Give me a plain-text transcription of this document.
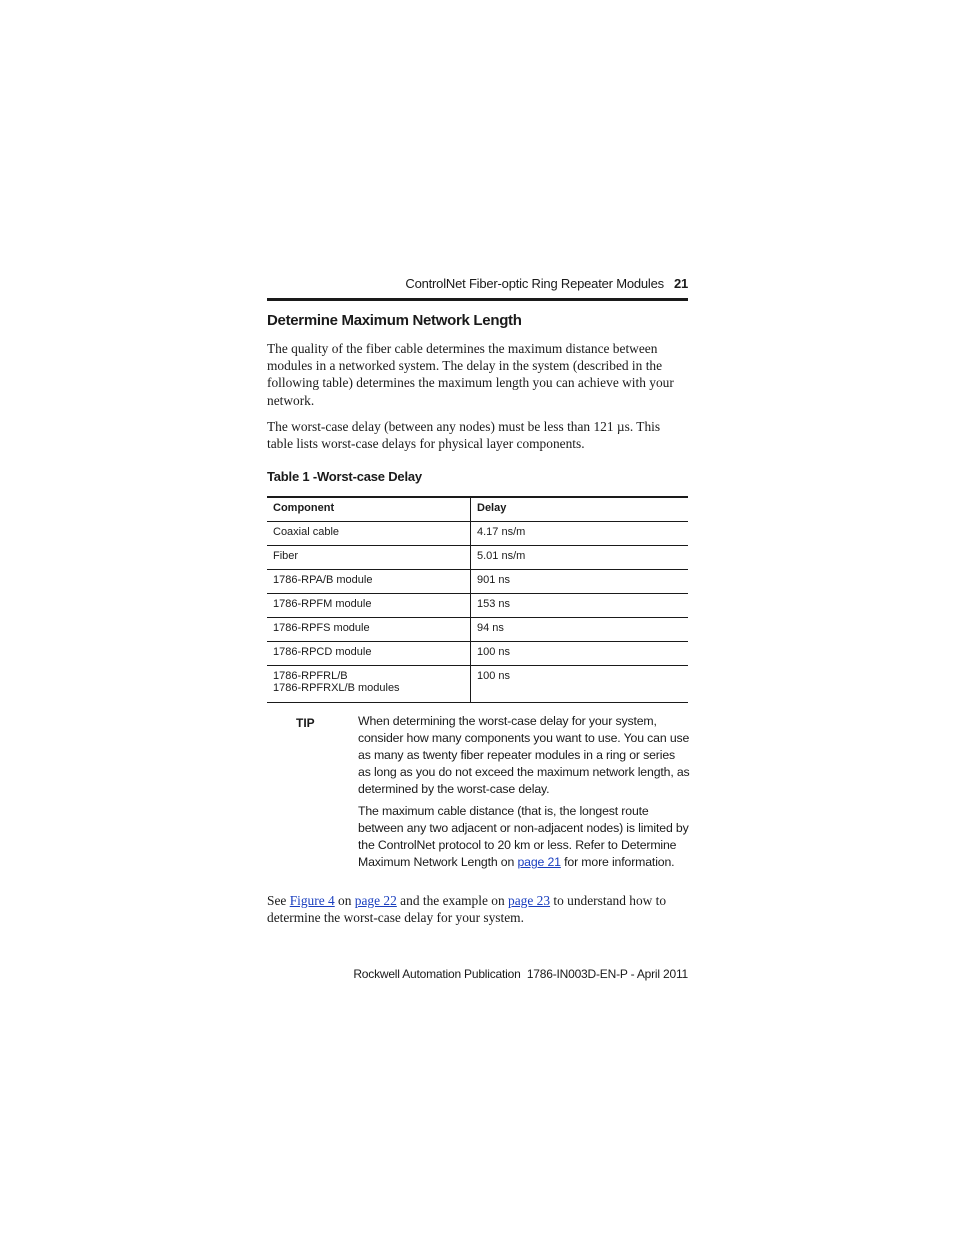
ControlNet Fiber-optic Ring Repeater Modules 21
Determine Maximum Network Length
The quality of the fiber cable determines the maximum distance between modules in a networked system. The delay in the system (described in the following table) determines the maximum length you can achieve with your network.
The worst-case delay (between any nodes) must be less than 121 µs. This table lists worst-case delays for physical layer components.
Table 1 -Worst-case Delay
Component	Delay
Coaxial cable	4.17 ns/m
Fiber	5.01 ns/m
1786-RPA/B module	901 ns
1786-RPFM module	153 ns
1786-RPFS module	94 ns
1786-RPCD module	100 ns

1786-RPFRL/B
1786-RPFRXL/B modules	100 ns
TIP	When determining the worst-case delay for your system, consider how many components you want to use. You can use as many as twenty fiber repeater modules in a ring or series as long as you do not exceed the maximum network length, as determined by the worst-case delay.

The maximum cable distance (that is, the longest route between any two adjacent or non-adjacent nodes) is limited by the ControlNet protocol to 20 km or less. Refer to Determine Maximum Network Length on page 21 for more information.

See Figure 4 on page 22 and the example on page 23 to understand how to determine the worst-case delay for your system.
Rockwell Automation Publication  1786-IN003D-EN-P - April 2011
